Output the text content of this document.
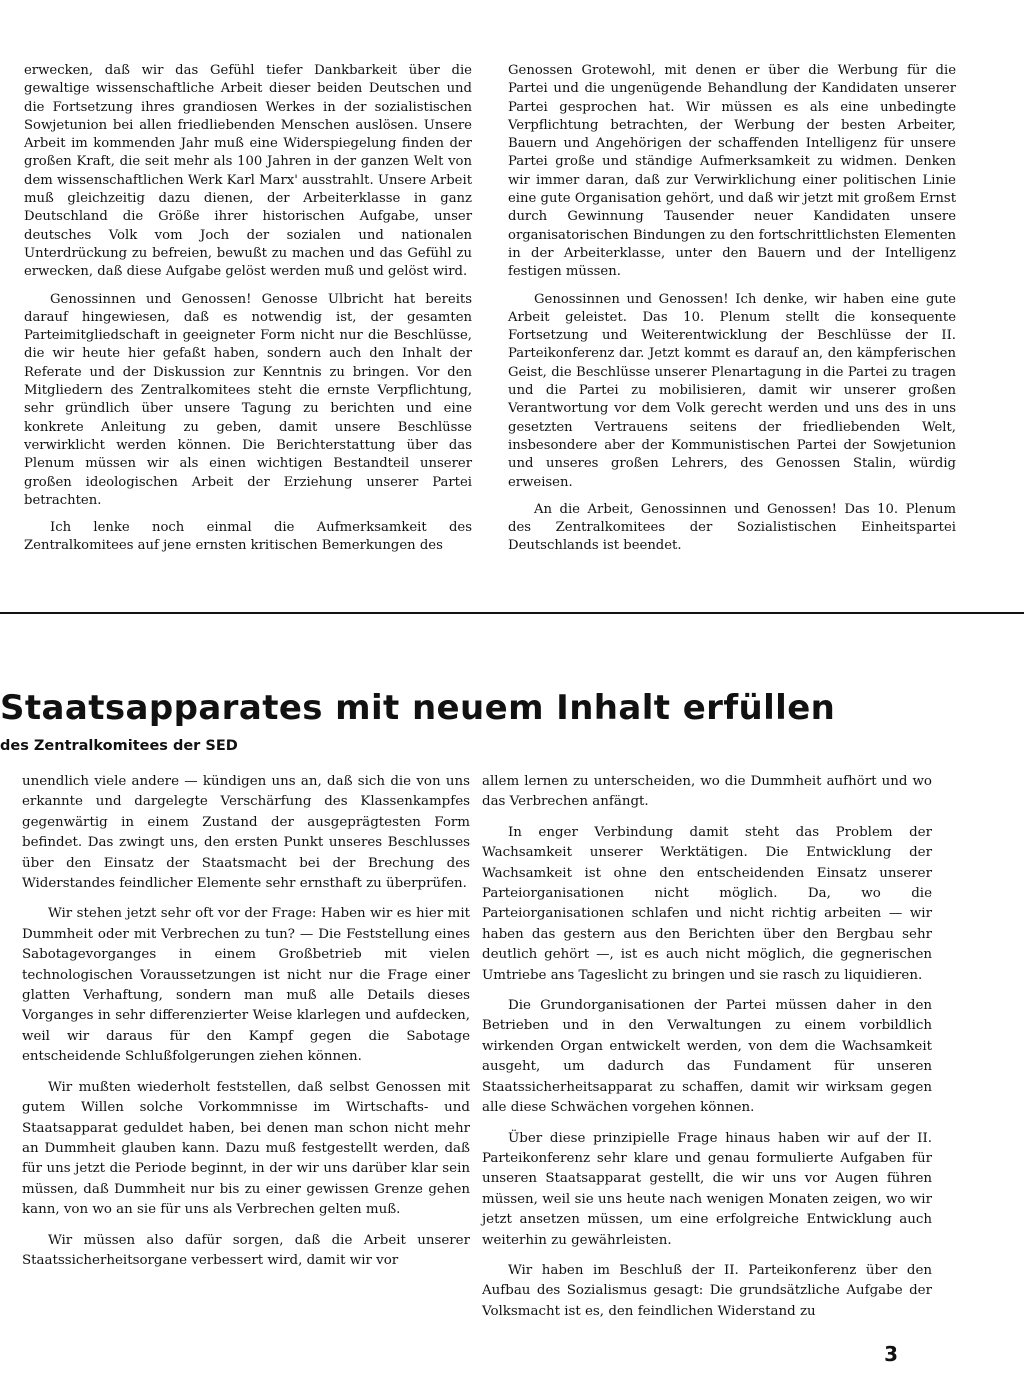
erwecken, daß wir das Gefühl tiefer Dankbarkeit über die gewaltige wissenschaftliche Arbeit dieser beiden Deutschen und die Fortsetzung ihres grandiosen Werkes in der sozialistischen Sowjetunion bei allen friedliebenden Menschen auslösen. Unsere Arbeit im kommenden Jahr muß eine Widerspiegelung finden der großen Kraft, die seit mehr als 100 Jahren in der ganzen Welt von dem wissenschaftlichen Werk Karl Marx' ausstrahlt. Unsere Arbeit muß gleichzeitig dazu dienen, der Arbeiterklasse in ganz Deutschland die Größe ihrer historischen Aufgabe, unser deutsches Volk vom Joch der sozialen und nationalen Unterdrückung zu befreien, bewußt zu machen und das Gefühl zu erwecken, daß diese Aufgabe gelöst werden muß und gelöst wird.

Genossinnen und Genossen! Genosse Ulbricht hat bereits darauf hingewiesen, daß es notwendig ist, der gesamten Parteimitgliedschaft in geeigneter Form nicht nur die Beschlüsse, die wir heute hier gefaßt haben, sondern auch den Inhalt der Referate und der Diskussion zur Kenntnis zu bringen. Vor den Mitgliedern des Zentralkomitees steht die ernste Verpflichtung, sehr gründlich über unsere Tagung zu berichten und eine konkrete Anleitung zu geben, damit unsere Beschlüsse verwirklicht werden können. Die Berichterstattung über das Plenum müssen wir als einen wichtigen Bestandteil unserer großen ideologischen Arbeit der Erziehung unserer Partei betrachten.

Ich lenke noch einmal die Aufmerksamkeit des Zentralkomitees auf jene ernsten kritischen Bemerkungen des

Genossen Grotewohl, mit denen er über die Werbung für die Partei und die ungenügende Behandlung der Kandidaten unserer Partei gesprochen hat. Wir müssen es als eine unbedingte Verpflichtung betrachten, der Werbung der besten Arbeiter, Bauern und Angehörigen der schaffenden Intelligenz für unsere Partei große und ständige Aufmerksamkeit zu widmen. Denken wir immer daran, daß zur Verwirklichung einer politischen Linie eine gute Organisation gehört, und daß wir jetzt mit großem Ernst durch Gewinnung Tausender neuer Kandidaten unsere organisatorischen Bindungen zu den fortschrittlichsten Elementen in der Arbeiterklasse, unter den Bauern und der Intelligenz festigen müssen.

Genossinnen und Genossen! Ich denke, wir haben eine gute Arbeit geleistet. Das 10. Plenum stellt die konsequente Fortsetzung und Weiterentwicklung der Beschlüsse der II. Parteikonferenz dar. Jetzt kommt es darauf an, den kämpferischen Geist, die Beschlüsse unserer Plenartagung in die Partei zu tragen und die Partei zu mobilisieren, damit wir unserer großen Verantwortung vor dem Volk gerecht werden und uns des in uns gesetzten Vertrauens seitens der friedliebenden Welt, insbesondere aber der Kommunistischen Partei der Sowjetunion und unseres großen Lehrers, des Genossen Stalin, würdig erweisen.

An die Arbeit, Genossinnen und Genossen! Das 10. Plenum des Zentralkomitees der Sozialistischen Einheitspartei Deutschlands ist beendet.

Staatsapparates mit neuem Inhalt erfüllen
des Zentralkomitees der SED

unendlich viele andere — kündigen uns an, daß sich die von uns erkannte und dargelegte Verschärfung des Klassenkampfes gegenwärtig in einem Zustand der ausgeprägtesten Form befindet. Das zwingt uns, den ersten Punkt unseres Beschlusses über den Einsatz der Staatsmacht bei der Brechung des Widerstandes feindlicher Elemente sehr ernsthaft zu überprüfen.

Wir stehen jetzt sehr oft vor der Frage: Haben wir es hier mit Dummheit oder mit Verbrechen zu tun? — Die Feststellung eines Sabotagevorganges in einem Großbetrieb mit vielen technologischen Voraussetzungen ist nicht nur die Frage einer glatten Verhaftung, sondern man muß alle Details dieses Vorganges in sehr differenzierter Weise klarlegen und aufdecken, weil wir daraus für den Kampf gegen die Sabotage entscheidende Schlußfolgerungen ziehen können.

Wir mußten wiederholt feststellen, daß selbst Genossen mit gutem Willen solche Vorkommnisse im Wirtschafts- und Staatsapparat geduldet haben, bei denen man schon nicht mehr an Dummheit glauben kann. Dazu muß festgestellt werden, daß für uns jetzt die Periode beginnt, in der wir uns darüber klar sein müssen, daß Dummheit nur bis zu einer gewissen Grenze gehen kann, von wo an sie für uns als Verbrechen gelten muß.

Wir müssen also dafür sorgen, daß die Arbeit unserer Staatssicherheitsorgane verbessert wird, damit wir vor

allem lernen zu unterscheiden, wo die Dummheit aufhört und wo das Verbrechen anfängt.

In enger Verbindung damit steht das Problem der Wachsamkeit unserer Werktätigen. Die Entwicklung der Wachsamkeit ist ohne den entscheidenden Einsatz unserer Parteiorganisationen nicht möglich. Da, wo die Parteiorganisationen schlafen und nicht richtig arbeiten — wir haben das gestern aus den Berichten über den Bergbau sehr deutlich gehört —, ist es auch nicht möglich, die gegnerischen Umtriebe ans Tageslicht zu bringen und sie rasch zu liquidieren.

Die Grundorganisationen der Partei müssen daher in den Betrieben und in den Verwaltungen zu einem vorbildlich wirkenden Organ entwickelt werden, von dem die Wachsamkeit ausgeht, um dadurch das Fundament für unseren Staatssicherheitsapparat zu schaffen, damit wir wirksam gegen alle diese Schwächen vorgehen können.

Über diese prinzipielle Frage hinaus haben wir auf der II. Parteikonferenz sehr klare und genau formulierte Aufgaben für unseren Staatsapparat gestellt, die wir uns vor Augen führen müssen, weil sie uns heute nach wenigen Monaten zeigen, wo wir jetzt ansetzen müssen, um eine erfolgreiche Entwicklung auch weiterhin zu gewährleisten.

Wir haben im Beschluß der II. Parteikonferenz über den Aufbau des Sozialismus gesagt: Die grundsätzliche Aufgabe der Volksmacht ist es, den feindlichen Widerstand zu

3
